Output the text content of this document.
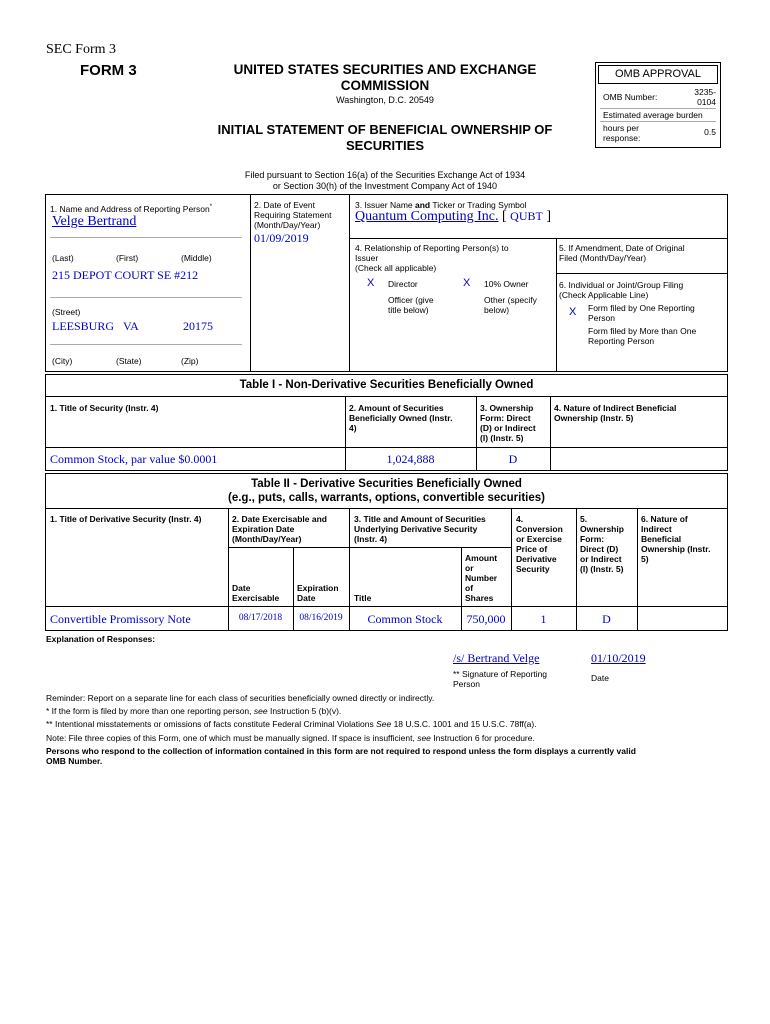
SEC Form 3
FORM 3	UNITED STATES SECURITIES AND EXCHANGE
COMMISSION
Washington, D.C. 20549
INITIAL STATEMENT OF BENEFICIAL OWNERSHIP OF
SECURITIES
OMB APPROVAL
OMB Number:	3235-
0104
Estimated average burden
hours per
response:
0.5
Filed pursuant to Section 16(a) of the Securities Exchange Act of 1934
or Section 30(h) of the Investment Company Act of 1940
1. Name and Address of Reporting Person*
Velge Bertrand
(Last)	(First)	(Middle)
215 DEPOT COURT SE #212
(Street)
LEESBURG VA	20175
(City)	(State)	(Zip)
2. Date of Event
Requiring Statement
(Month/Day/Year)
01/09/2019
3. Issuer Name and Ticker or Trading Symbol
Quantum Computing Inc. [ QUBT ]
4. Relationship of Reporting Person(s) to
Issuer
(Check all applicable)
X Director	X 10% Owner
Officer (give
title below)
Other (specify
below)
5. If Amendment, Date of Original
Filed (Month/Day/Year)
6. Individual or Joint/Group Filing
(Check Applicable Line)
X Form filed by One Reporting
Person
Form filed by More than One
Reporting Person
Table I - Non-Derivative Securities Beneficially Owned
1. Title of Security (Instr. 4)	2. Amount of Securities
Beneficially Owned (Instr.
4)
3. Ownership
Form: Direct
(D) or Indirect
(I) (Instr. 5)
4. Nature of Indirect Beneficial
Ownership (Instr. 5)
Common Stock, par value $0.0001	1,024,888	D
Table II - Derivative Securities Beneficially Owned
(e.g., puts, calls, warrants, options, convertible securities)
1. Title of Derivative Security (Instr. 4)	2. Date Exercisable and
Expiration Date
(Month/Day/Year)
Date
Exercisable
Expiration
Date
3. Title and Amount of Securities
Underlying Derivative Security
(Instr. 4)
Title
Amount
or
Number
of
Shares
4.
Conversion
or Exercise
Price of
Derivative
Security
5.
Ownership
Form:
Direct (D)
or Indirect
(I) (Instr. 5)
6. Nature of
Indirect
Beneficial
Ownership (Instr.
5)
Convertible Promissory Note	08/17/2018	08/16/2019	Common Stock	750,000	1	D
Explanation of Responses:
/s/ Bertrand Velge	01/10/2019
** Signature of Reporting
Person
Date
Reminder: Report on a separate line for each class of securities beneficially owned directly or indirectly.
* If the form is filed by more than one reporting person, see Instruction 5 (b)(v).
** Intentional misstatements or omissions of facts constitute Federal Criminal Violations See 18 U.S.C. 1001 and 15 U.S.C. 78ff(a).
Note: File three copies of this Form, one of which must be manually signed. If space is insufficient, see Instruction 6 for procedure.
Persons who respond to the collection of information contained in this form are not required to respond unless the form displays a currently valid
OMB Number.
